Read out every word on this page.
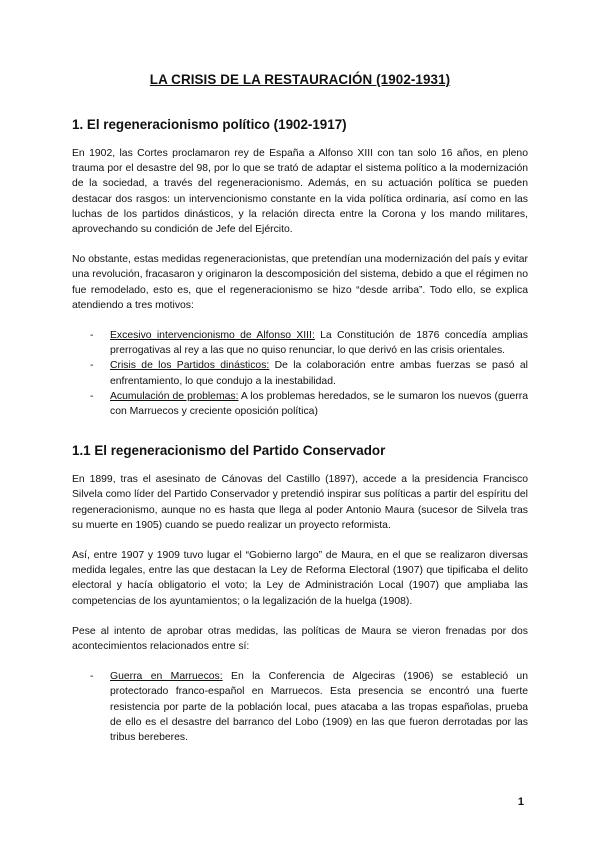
LA CRISIS DE LA RESTAURACIÓN (1902-1931)
1. El regeneracionismo político (1902-1917)

En 1902, las Cortes proclamaron rey de España a Alfonso XIII con tan solo 16 años, en pleno trauma por el desastre del 98, por lo que se trató de adaptar el sistema político a la modernización de la sociedad, a través del regeneracionismo. Además, en su actuación política se pueden destacar dos rasgos: un intervencionismo constante en la vida política ordinaria, así como en las luchas de los partidos dinásticos, y la relación directa entre la Corona y los mando militares, aprovechando su condición de Jefe del Ejército.

No obstante, estas medidas regeneracionistas, que pretendían una modernización del país y evitar una revolución, fracasaron y originaron la descomposición del sistema, debido a que el régimen no fue remodelado, esto es, que el regeneracionismo se hizo “desde arriba”. Todo ello, se explica atendiendo a tres motivos:

- Excesivo intervencionismo de Alfonso XIII: La Constitución de 1876 concedía amplias prerrogativas al rey a las que no quiso renunciar, lo que derivó en las crisis orientales.
- Crisis de los Partidos dinásticos: De la colaboración entre ambas fuerzas se pasó al enfrentamiento, lo que condujo a la inestabilidad.
- Acumulación de problemas: A los problemas heredados, se le sumaron los nuevos (guerra con Marruecos y creciente oposición política)
1.1 El regeneracionismo del Partido Conservador

En 1899, tras el asesinato de Cánovas del Castillo (1897), accede a la presidencia Francisco Silvela como líder del Partido Conservador y pretendió inspirar sus políticas a partir del espíritu del regeneracionismo, aunque no es hasta que llega al poder Antonio Maura (sucesor de Silvela tras su muerte en 1905) cuando se puedo realizar un proyecto reformista.

Así, entre 1907 y 1909 tuvo lugar el “Gobierno largo” de Maura, en el que se realizaron diversas medida legales, entre las que destacan la Ley de Reforma Electoral (1907) que tipificaba el delito electoral y hacía obligatorio el voto; la Ley de Administración Local (1907) que ampliaba las competencias de los ayuntamientos; o la legalización de la huelga (1908).

Pese al intento de aprobar otras medidas, las políticas de Maura se vieron frenadas por dos acontecimientos relacionados entre sí:

- Guerra en Marruecos: En la Conferencia de Algeciras (1906) se estableció un protectorado franco-español en Marruecos. Esta presencia se encontró una fuerte resistencia por parte de la población local, pues atacaba a las tropas españolas, prueba de ello es el desastre del barranco del Lobo (1909) en las que fueron derrotadas por las tribus bereberes.
1
